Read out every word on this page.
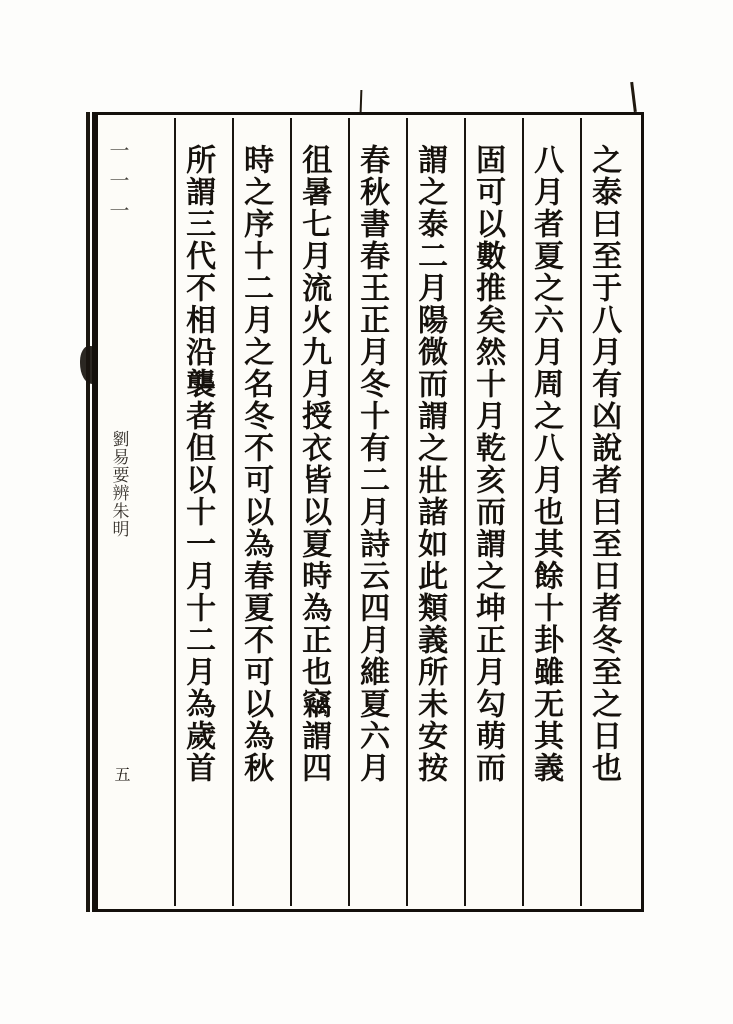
之泰曰至于八月有凶說者曰至日者冬至之日也
八月者夏之六月周之八月也其餘十卦雖无其義
固可以數推矣然十月乾亥而謂之坤正月勾萌而
謂之泰二月陽微而謂之壯諸如此類義所未安按
春秋書春王正月冬十有二月詩云四月維夏六月
徂暑七月流火九月授衣皆以夏時為正也竊謂四
時之序十二月之名冬不可以為春夏不可以為秋
所謂三代不相沿襲者但以十一月十二月為歲首
一一一
劉易要辨朱明
五
